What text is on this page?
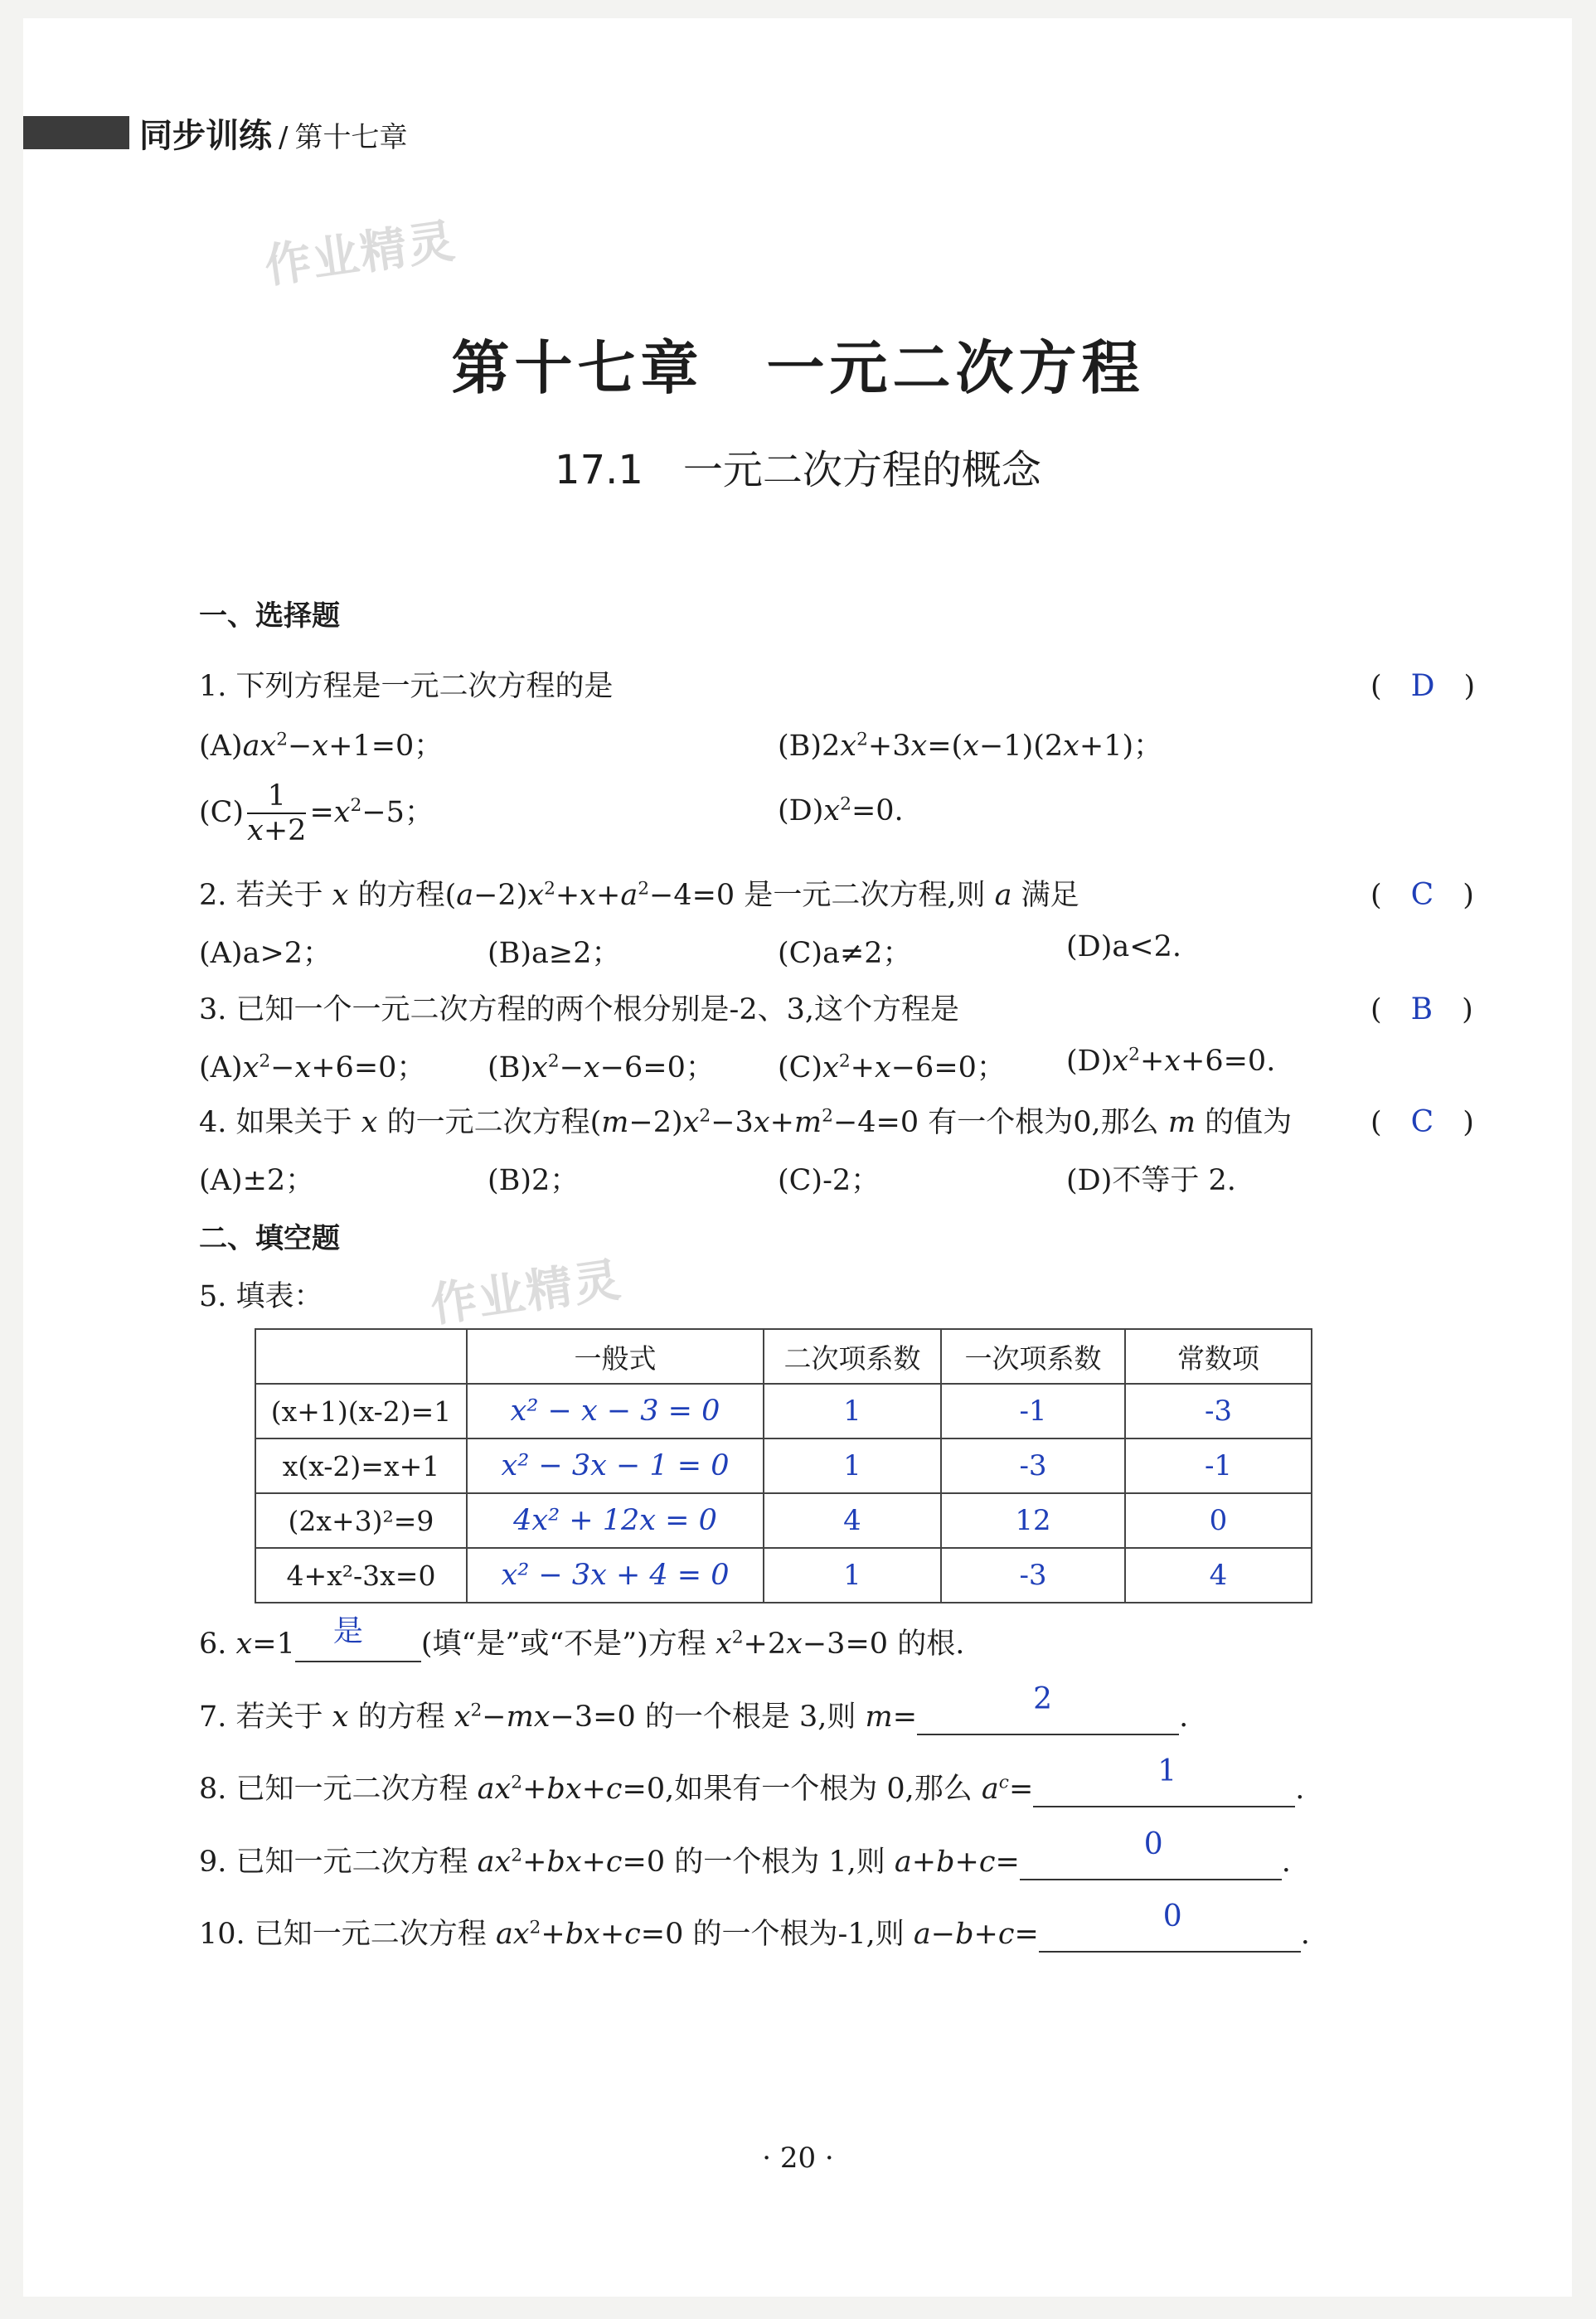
同步训练 / 第十七章
作业精灵
作业精灵
第十七章　一元二次方程
17.1　一元二次方程的概念
一、选择题
1. 下列方程是一元二次方程的是	(　D　)
$(A)ax^2-x+1=0$；	$(B)2x^2+3x=(x-1)(2x+1)$；
$(C) \frac{1}{x+2} =x^2-5$；	$(D)x^2=0$.
2. 若关于 x 的方程$(a-2)x^2+x+a^2-4=0$ 是一元二次方程,则 a 满足	(　C　)
(A)a>2；	(B)a≥2；	(C)a≠2；	(D)a<2.
3. 已知一个一元二次方程的两个根分别是-2、3,这个方程是	(　B　)
$(A)x^2-x+6=0$； $(B)x^2-x-6=0$； $(C)x^2+x-6=0$； $(D)x^2+x+6=0$.
4. 如果关于 x 的一元二次方程$(m-2)x^2-3x+m^2-4=0$ 有一个根为0,那么 m 的值为	(　C　)
(A)±2；	(B)2；	(C)-2；	(D)不等于 2.
二、填空题
5. 填表：
	一般式	二次项系数	一次项系数	常数项
(x+1)(x-2)=1	x² − x − 3 = 0	1	-1	-3
x(x-2)=x+1	x² − 3x − 1 = 0	1	-3	-1
(2x+3)²=9	4x² + 12x = 0	4	12	0
4+x²-3x=0	x² − 3x + 4 = 0	1	-3	4
6. x=1 是 (填“是”或“不是”)方程 $x^2+2x-3=0$ 的根.
7. 若关于 x 的方程 $x^2-mx-3=0$ 的一个根是 3,则 m=
2
.
8. 已知一元二次方程 $ax^2+bx+c=0$,如果有一个根为 0,那么 $a^c=$
1
.
9. 已知一元二次方程 $ax^2+bx+c=0$ 的一个根为 1,则 a+b+c=
0
.
10. 已知一元二次方程 $ax^2+bx+c=0$ 的一个根为-1,则 a−b+c=
0
.
· 20 ·
